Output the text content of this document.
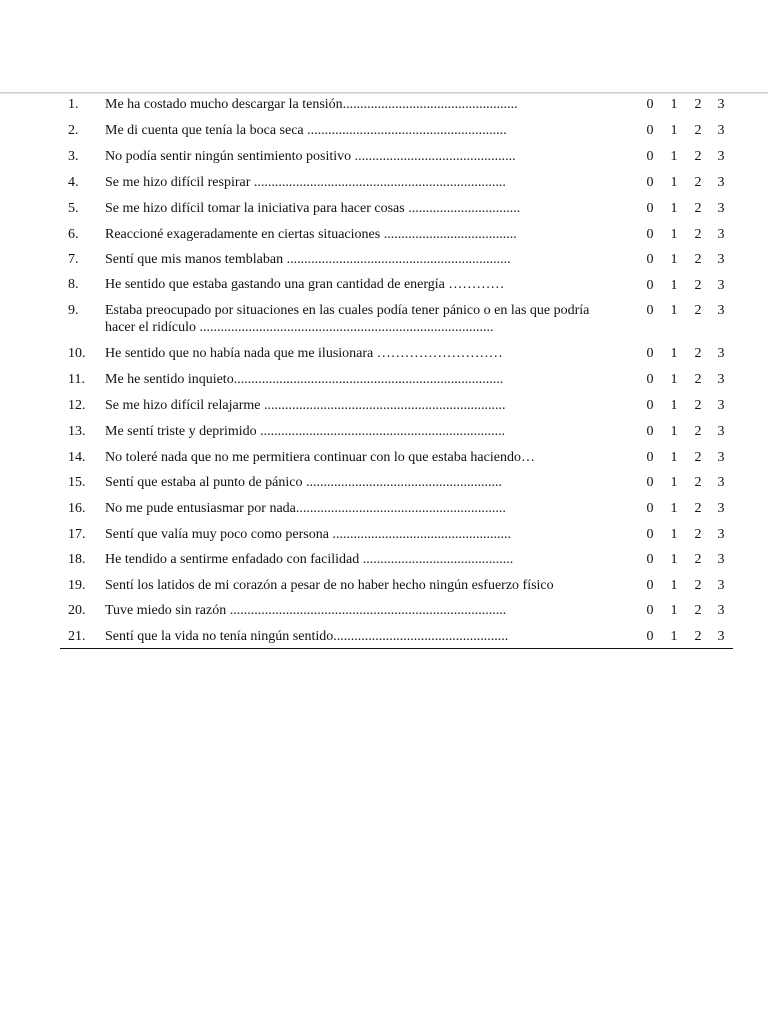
1.	Me ha costado mucho descargar la tensión..................................................	0 1 2 3
2.	Me di cuenta que tenía la boca seca .........................................................	0 1 2 3
3.	No podía sentir ningún sentimiento positivo ..............................................	0 1 2 3
4.	Se me hizo difícil respirar ........................................................................	0 1 2 3
5.	Se me hizo difícil tomar la iniciativa para hacer cosas ................................	0 1 2 3
6.	Reaccioné exageradamente en ciertas situaciones ......................................	0 1 2 3
7.	Sentí que mis manos temblaban ................................................................	0 1 2 3
8.	He sentido que estaba gastando una gran cantidad de energía …………	0 1 2 3
9.	Estaba preocupado por situaciones en las cuales podía tener pánico o en las que podría
hacer el ridículo ....................................................................................
0 1 2 3
10.	He sentido que no había nada que me ilusionara ………………………	0 1 2 3
11.	Me he sentido inquieto.............................................................................	0 1 2 3
12.	Se me hizo difícil relajarme .....................................................................	0 1 2 3
13.	Me sentí triste y deprimido ......................................................................	0 1 2 3
14.	No toleré nada que no me permitiera continuar con lo que estaba haciendo…	0 1 2 3
15.	Sentí que estaba al punto de pánico ........................................................	0 1 2 3
16.	No me pude entusiasmar por nada............................................................	0 1 2 3
17.	Sentí que valía muy poco como persona ...................................................	0 1 2 3
18.	He tendido a sentirme enfadado con facilidad ...........................................	0 1 2 3
19.	Sentí los latidos de mi corazón a pesar de no haber hecho ningún esfuerzo físico	0 1 2 3
20.	Tuve miedo sin razón ...............................................................................	0 1 2 3
21.	Sentí que la vida no tenía ningún sentido..................................................	0 1 2 3
